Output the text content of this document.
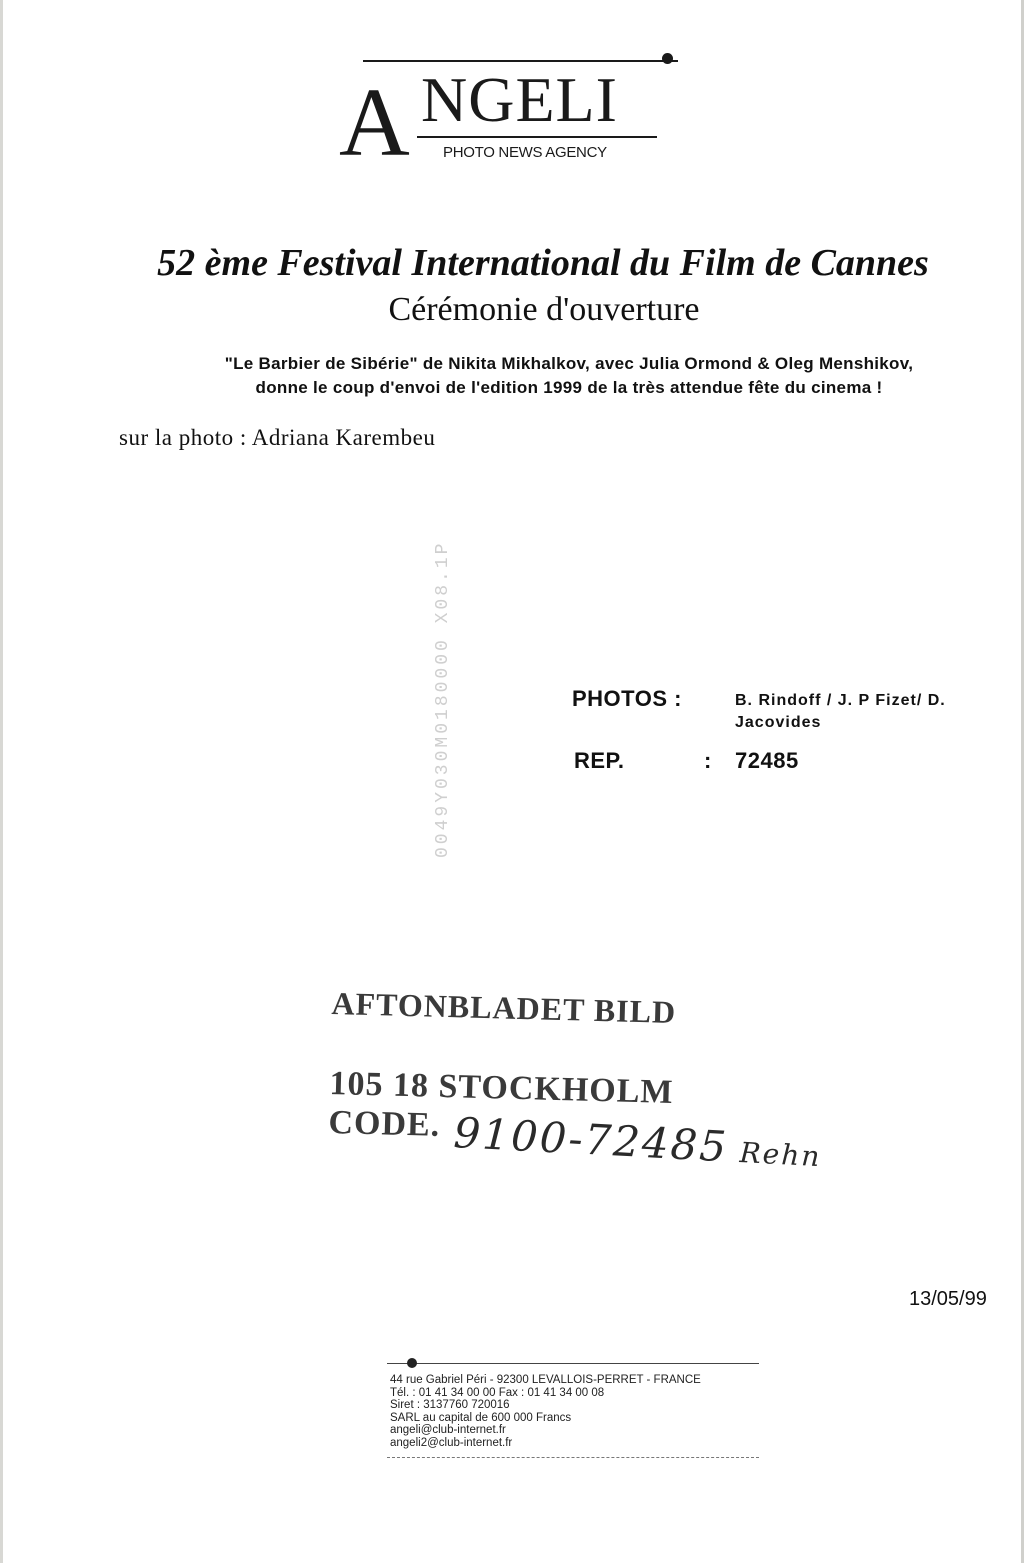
A NGELI
PHOTO NEWS AGENCY
52 ème Festival International du Film de Cannes
Cérémonie d'ouverture
"Le Barbier de Sibérie" de Nikita Mikhalkov, avec Julia Ormond & Oleg Menshikov,
donne le coup d'envoi de l'edition 1999 de la très attendue fête du cinema !
sur la photo : Adriana Karembeu
0049Y030M0180000 X08.1P	PHOTOS :	B. Rindoff / J. P Fizet/ D.
Jacovides
REP.	: 72485
AFTONBLADET BILD
105 18 STOCKHOLM
CODE. 9100-72485 Rehn
13/05/99
44 rue Gabriel Péri - 92300 LEVALLOIS-PERRET - FRANCE
Tél. : 01 41 34 00 00 Fax : 01 41 34 00 08
Siret : 3137760 720016
SARL au capital de 600 000 Francs
angeli@club-internet.fr
angeli2@club-internet.fr
